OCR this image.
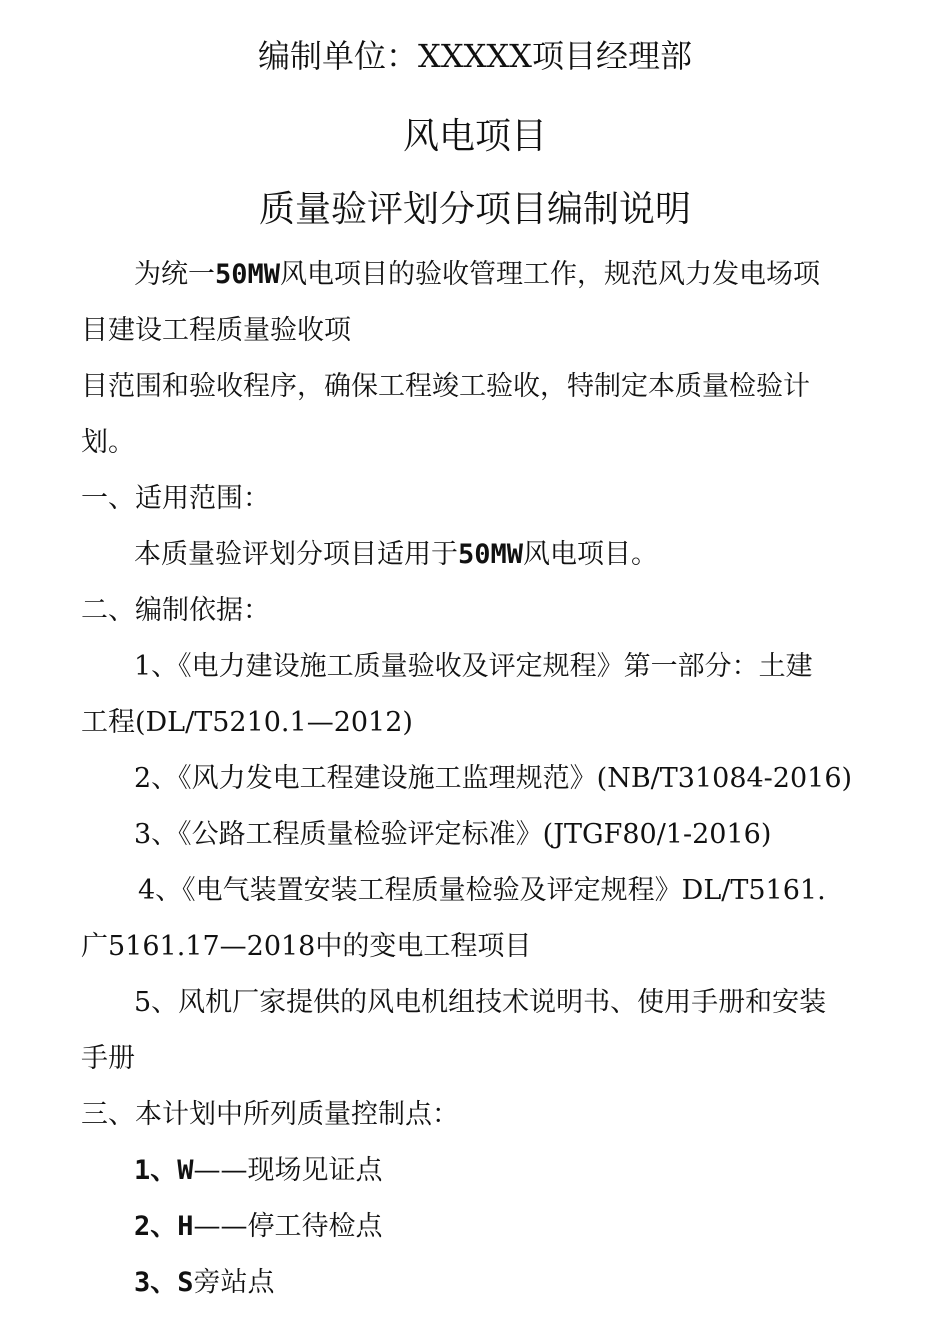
编制单位：XXXXX项目经理部
风电项目
质量验评划分项目编制说明
为统一50MW风电项目的验收管理工作，规范风力发电场项
目建设工程质量验收项
目范围和验收程序，确保工程竣工验收，特制定本质量检验计
划。
一、适用范围：
本质量验评划分项目适用于50MW风电项目。
二、编制依据：
1、《电力建设施工质量验收及评定规程》第一部分：土建
工程(DL/T5210.1—2012)
2、《风力发电工程建设施工监理规范》(NB/T31084-2016)
3、《公路工程质量检验评定标准》(JTGF80/1-2016)
4、《电气装置安装工程质量检验及评定规程》DL/T5161.
广5161.17—2018中的变电工程项目
5、风机厂家提供的风电机组技术说明书、使用手册和安装
手册
三、本计划中所列质量控制点：
1、W——现场见证点
2、H——停工待检点
3、S旁站点
